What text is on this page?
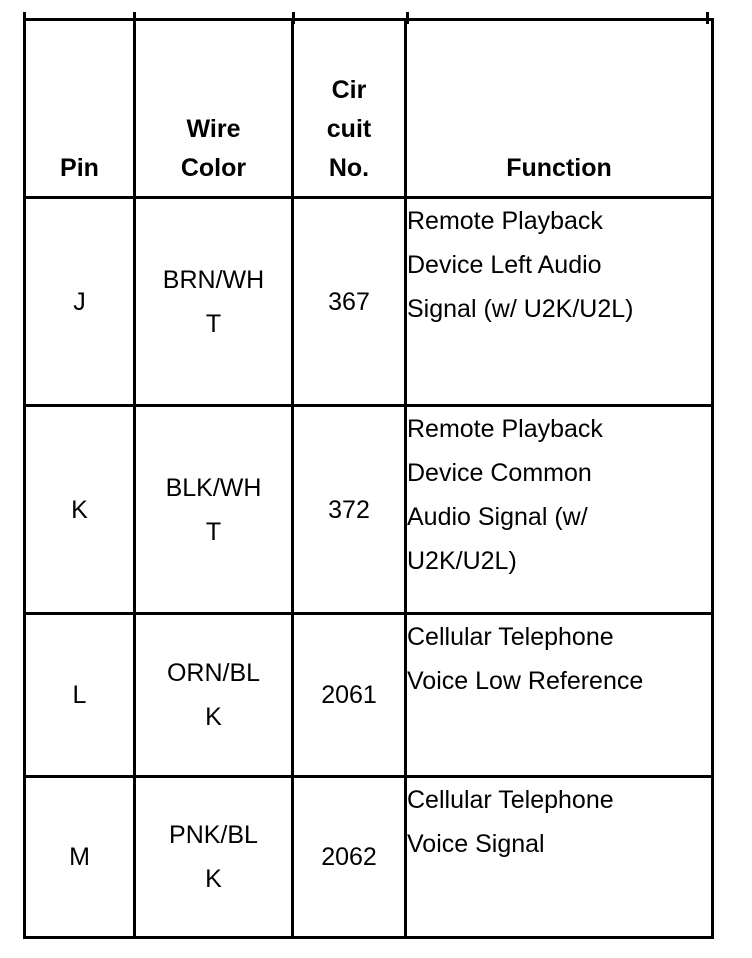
Pin	Wire Color	Cir cuit No.	Function
J	BRN/WHT	367	Remote Playback Device Left Audio Signal (w/ U2K/U2L)

K	BLK/WHT	372	Remote Playback Device Common Audio Signal (w/ U2K/U2L)

L	ORN/BLK	2061	Cellular Telephone Voice Low Reference

M	PNK/BLK	2062	Cellular Telephone Voice Signal
